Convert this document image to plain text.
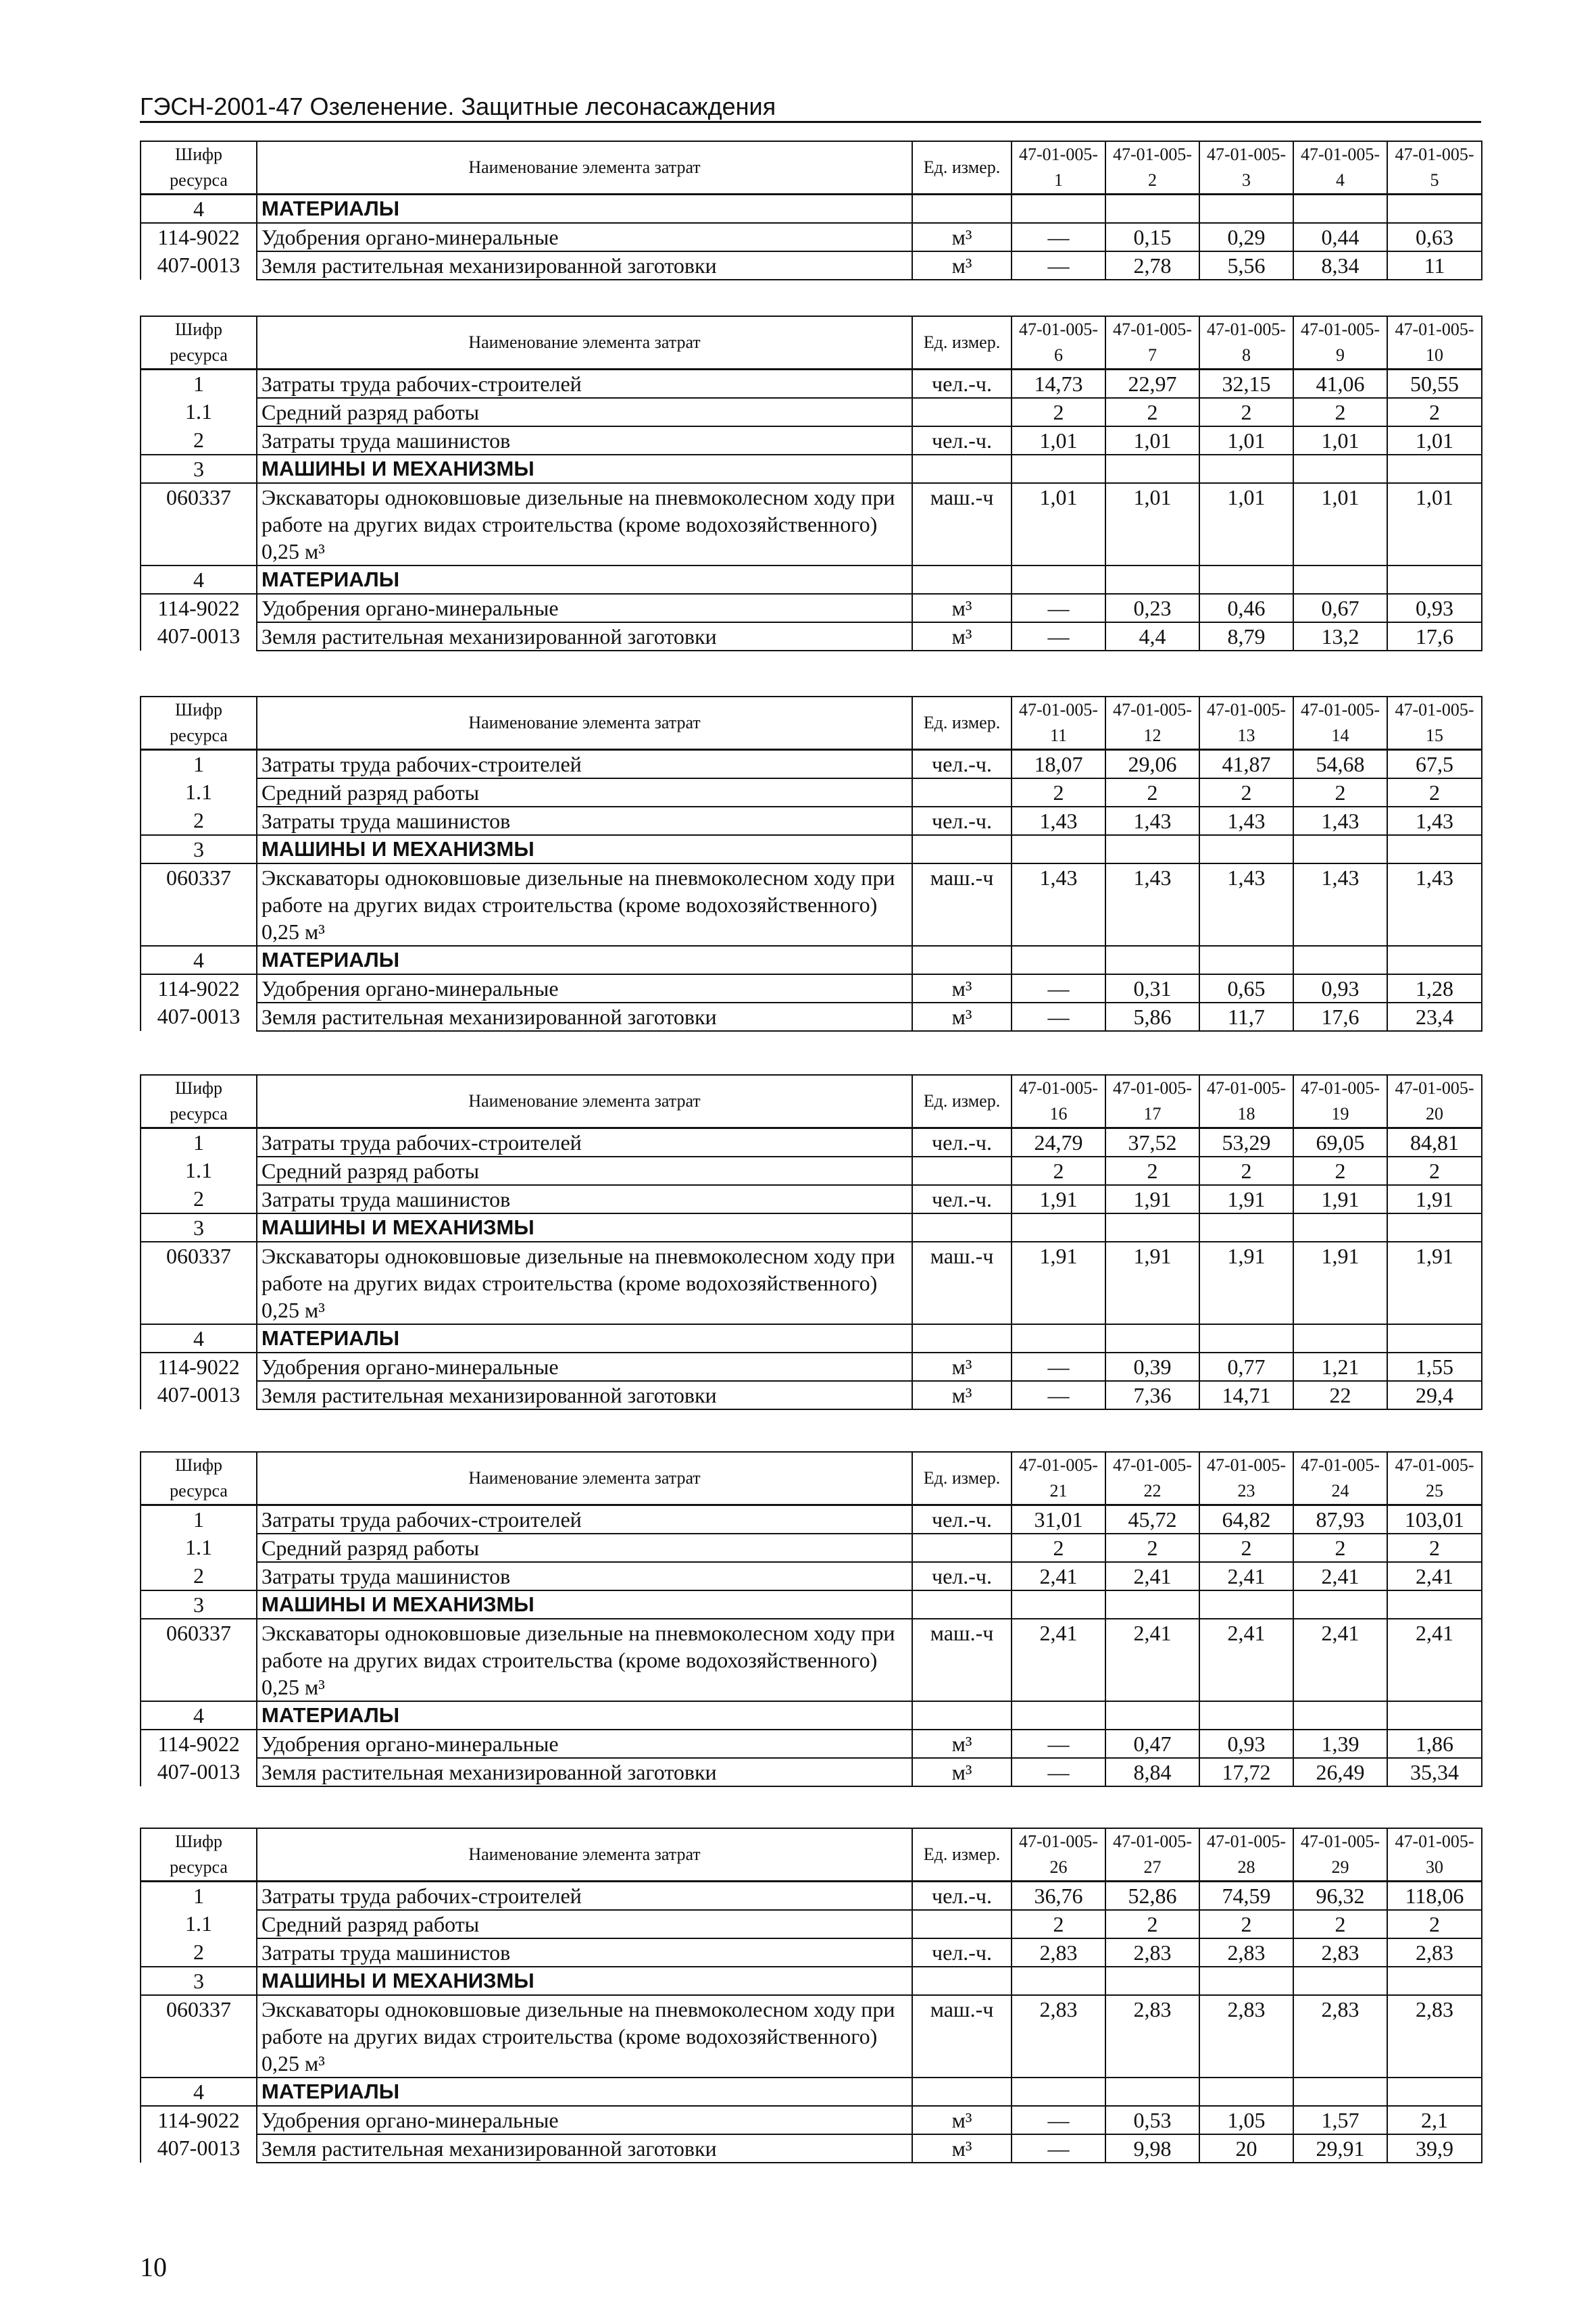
ГЭСН-2001-47 Озеленение. Защитные лесонасаждения
Шифр
ресурса	Наименование элемента затрат	Ед. измер.	47-01-005-1	47-01-005-2	47-01-005-3	47-01-005-4	47-01-005-5
4	МАТЕРИАЛЫ						
114-9022	Удобрения органо-минеральные	м³	—	0,15	0,29	0,44	0,63
407-0013	Земля растительная механизированной заготовки	м³	—	2,78	5,56	8,34	11
Шифр
ресурса	Наименование элемента затрат	Ед. измер.	47-01-005-6	47-01-005-7	47-01-005-8	47-01-005-9	47-01-005-10
1	Затраты труда рабочих-строителей	чел.-ч.	14,73	22,97	32,15	41,06	50,55
1.1	Средний разряд работы		2	2	2	2	2
2	Затраты труда машинистов	чел.-ч.	1,01	1,01	1,01	1,01	1,01
3	МАШИНЫ И МЕХАНИЗМЫ						
060337	Экскаваторы одноковшовые дизельные на пневмоколесном ходу при работе на других видах строительства (кроме водохозяйственного) 0,25 м³	маш.-ч	1,01	1,01	1,01	1,01	1,01
4	МАТЕРИАЛЫ						
114-9022	Удобрения органо-минеральные	м³	—	0,23	0,46	0,67	0,93
407-0013	Земля растительная механизированной заготовки	м³	—	4,4	8,79	13,2	17,6
Шифр
ресурса	Наименование элемента затрат	Ед. измер.	47-01-005-11	47-01-005-12	47-01-005-13	47-01-005-14	47-01-005-15
1	Затраты труда рабочих-строителей	чел.-ч.	18,07	29,06	41,87	54,68	67,5
1.1	Средний разряд работы		2	2	2	2	2
2	Затраты труда машинистов	чел.-ч.	1,43	1,43	1,43	1,43	1,43
3	МАШИНЫ И МЕХАНИЗМЫ						
060337	Экскаваторы одноковшовые дизельные на пневмоколесном ходу при работе на других видах строительства (кроме водохозяйственного) 0,25 м³	маш.-ч	1,43	1,43	1,43	1,43	1,43
4	МАТЕРИАЛЫ						
114-9022	Удобрения органо-минеральные	м³	—	0,31	0,65	0,93	1,28
407-0013	Земля растительная механизированной заготовки	м³	—	5,86	11,7	17,6	23,4
Шифр
ресурса	Наименование элемента затрат	Ед. измер.	47-01-005-16	47-01-005-17	47-01-005-18	47-01-005-19	47-01-005-20
1	Затраты труда рабочих-строителей	чел.-ч.	24,79	37,52	53,29	69,05	84,81
1.1	Средний разряд работы		2	2	2	2	2
2	Затраты труда машинистов	чел.-ч.	1,91	1,91	1,91	1,91	1,91
3	МАШИНЫ И МЕХАНИЗМЫ						
060337	Экскаваторы одноковшовые дизельные на пневмоколесном ходу при работе на других видах строительства (кроме водохозяйственного) 0,25 м³	маш.-ч	1,91	1,91	1,91	1,91	1,91
4	МАТЕРИАЛЫ						
114-9022	Удобрения органо-минеральные	м³	—	0,39	0,77	1,21	1,55
407-0013	Земля растительная механизированной заготовки	м³	—	7,36	14,71	22	29,4
Шифр
ресурса	Наименование элемента затрат	Ед. измер.	47-01-005-21	47-01-005-22	47-01-005-23	47-01-005-24	47-01-005-25
1	Затраты труда рабочих-строителей	чел.-ч.	31,01	45,72	64,82	87,93	103,01
1.1	Средний разряд работы		2	2	2	2	2
2	Затраты труда машинистов	чел.-ч.	2,41	2,41	2,41	2,41	2,41
3	МАШИНЫ И МЕХАНИЗМЫ						
060337	Экскаваторы одноковшовые дизельные на пневмоколесном ходу при работе на других видах строительства (кроме водохозяйственного) 0,25 м³	маш.-ч	2,41	2,41	2,41	2,41	2,41
4	МАТЕРИАЛЫ						
114-9022	Удобрения органо-минеральные	м³	—	0,47	0,93	1,39	1,86
407-0013	Земля растительная механизированной заготовки	м³	—	8,84	17,72	26,49	35,34
Шифр
ресурса	Наименование элемента затрат	Ед. измер.	47-01-005-26	47-01-005-27	47-01-005-28	47-01-005-29	47-01-005-30
1	Затраты труда рабочих-строителей	чел.-ч.	36,76	52,86	74,59	96,32	118,06
1.1	Средний разряд работы		2	2	2	2	2
2	Затраты труда машинистов	чел.-ч.	2,83	2,83	2,83	2,83	2,83
3	МАШИНЫ И МЕХАНИЗМЫ						
060337	Экскаваторы одноковшовые дизельные на пневмоколесном ходу при работе на других видах строительства (кроме водохозяйственного) 0,25 м³	маш.-ч	2,83	2,83	2,83	2,83	2,83
4	МАТЕРИАЛЫ						
114-9022	Удобрения органо-минеральные	м³	—	0,53	1,05	1,57	2,1
407-0013	Земля растительная механизированной заготовки	м³	—	9,98	20	29,91	39,9
10
